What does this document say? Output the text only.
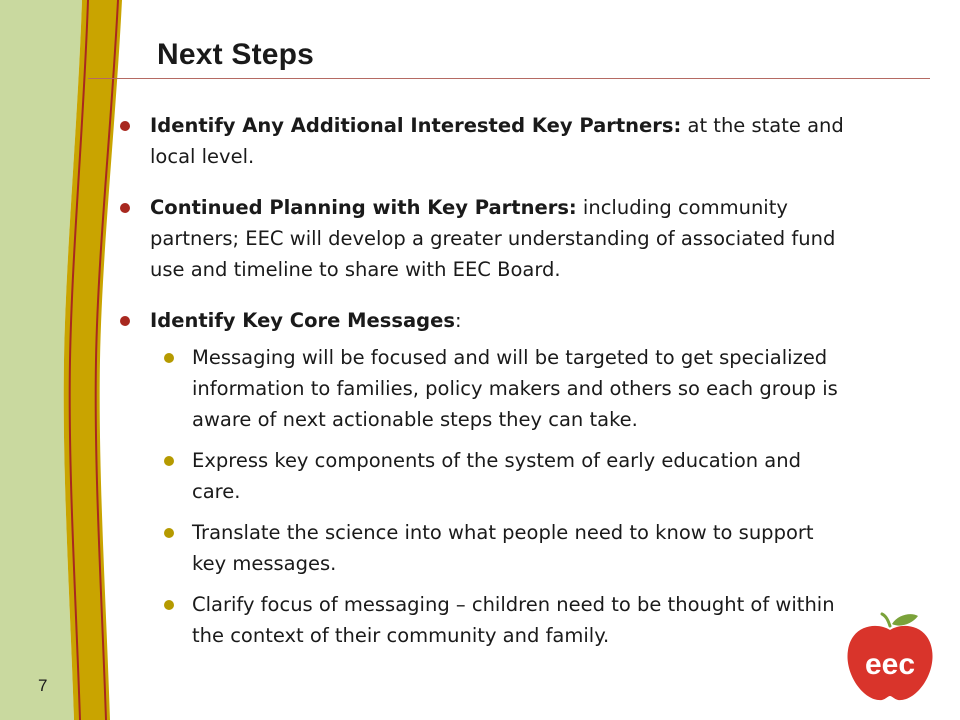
Next Steps
Identify Any Additional Interested Key Partners: at the state and local level.
Continued Planning with Key Partners: including community partners; EEC will develop a greater understanding of associated fund use and timeline to share with EEC Board.
Identify Key Core Messages:
Messaging will be focused and will be targeted to get specialized information to families, policy makers and others so each group is aware of next actionable steps they can take.
Express key components of the system of early education and care.
Translate the science into what people need to know to support key messages.
Clarify focus of messaging – children need to be thought of within the context of their community and family.
7
eec
